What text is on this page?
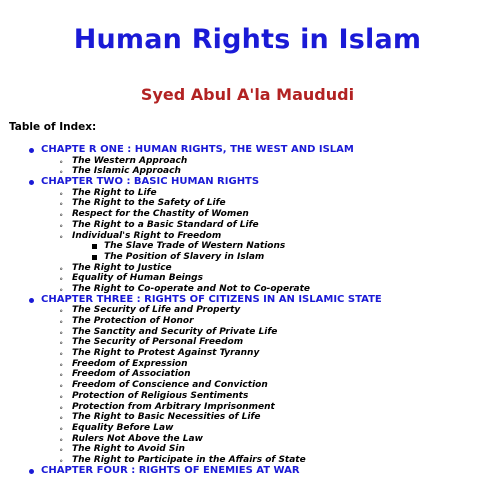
Human Rights in Islam
Syed Abul A'la Maududi
Table of Index:
CHAPTE R ONE : HUMAN RIGHTS, THE WEST AND ISLAM
∘ The Western Approach
∘ The Islamic Approach
CHAPTER TWO : BASIC HUMAN RIGHTS
∘ The Right to Life
∘ The Right to the Safety of Life
∘ Respect for the Chastity of Women
∘ The Right to a Basic Standard of Life
∘ Individual's Right to Freedom
The Slave Trade of Western Nations
The Position of Slavery in Islam
∘ The Right to Justice
∘ Equality of Human Beings
∘ The Right to Co-operate and Not to Co-operate
CHAPTER THREE : RIGHTS OF CITIZENS IN AN ISLAMIC STATE
∘ The Security of Life and Property
∘ The Protection of Honor
∘ The Sanctity and Security of Private Life
∘ The Security of Personal Freedom
∘ The Right to Protest Against Tyranny
∘ Freedom of Expression
∘ Freedom of Association
∘ Freedom of Conscience and Conviction
∘ Protection of Religious Sentiments
∘ Protection from Arbitrary Imprisonment
∘ The Right to Basic Necessities of Life
∘ Equality Before Law
∘ Rulers Not Above the Law
∘ The Right to Avoid Sin
∘ The Right to Participate in the Affairs of State
CHAPTER FOUR : RIGHTS OF ENEMIES AT WAR
